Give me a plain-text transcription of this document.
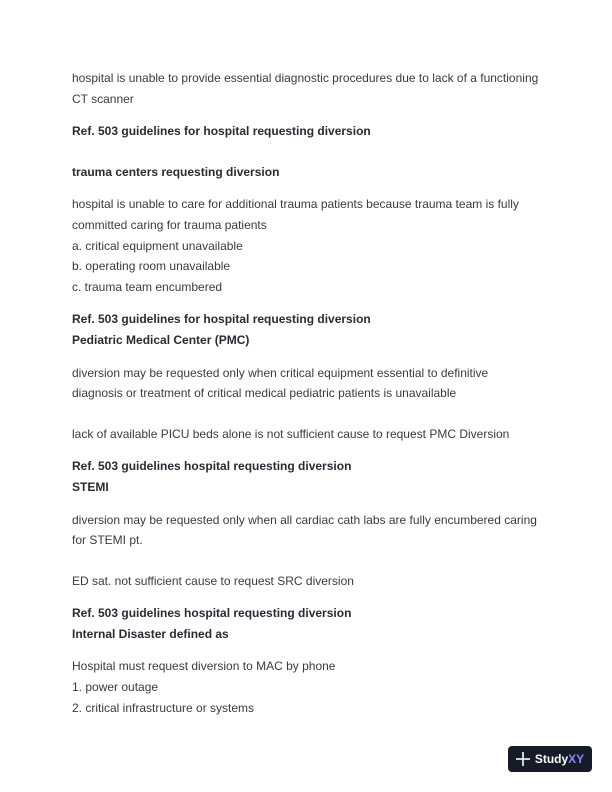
hospital is unable to provide essential diagnostic procedures due to lack of a functioning

CT scanner

Ref. 503 guidelines for hospital requesting diversion

trauma centers requesting diversion

hospital is unable to care for additional trauma patients because trauma team is fully

committed caring for trauma patients

a. critical equipment unavailable

b. operating room unavailable

c. trauma team encumbered

Ref. 503 guidelines for hospital requesting diversion

Pediatric Medical Center (PMC)

diversion may be requested only when critical equipment essential to definitive

diagnosis or treatment of critical medical pediatric patients is unavailable

lack of available PICU beds alone is not sufficient cause to request PMC Diversion

Ref. 503 guidelines hospital requesting diversion

STEMI

diversion may be requested only when all cardiac cath labs are fully encumbered caring

for STEMI pt.

ED sat. not sufficient cause to request SRC diversion

Ref. 503 guidelines hospital requesting diversion

Internal Disaster defined as

Hospital must request diversion to MAC by phone

1. power outage

2. critical infrastructure or systems

Study XY
